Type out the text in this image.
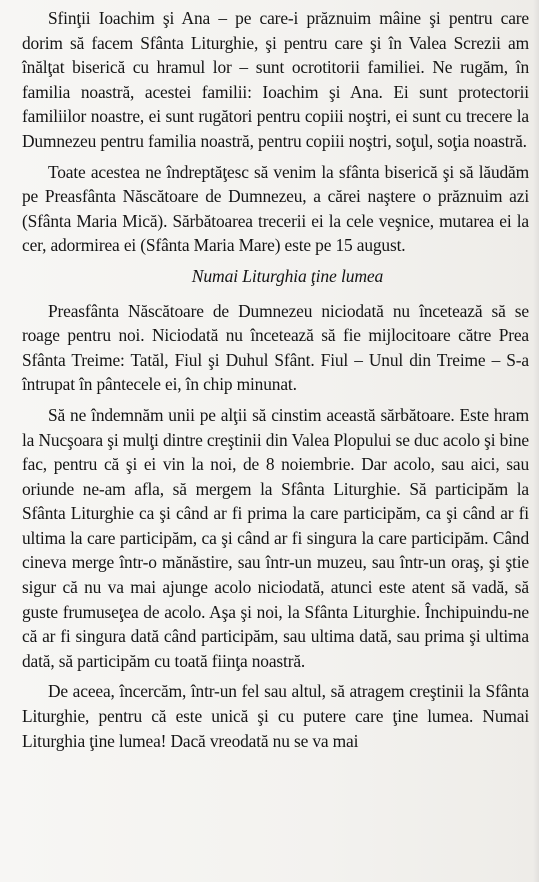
Sfinţii Ioachim şi Ana – pe care-i prăznuim mâine şi pentru care dorim să facem Sfânta Liturghie, şi pentru care şi în Valea Screzii am înălţat biserică cu hramul lor – sunt ocrotitorii familiei. Ne rugăm, în familia noastră, acestei familii: Ioachim şi Ana. Ei sunt protectorii familiilor noastre, ei sunt rugători pentru copiii noştri, ei sunt cu trecere la Dumnezeu pentru familia noastră, pentru copiii noştri, soţul, soţia noastră.

Toate acestea ne îndreptăţesc să venim la sfânta biserică şi să lăudăm pe Preasfânta Născătoare de Dumnezeu, a cărei naştere o prăznuim azi (Sfânta Maria Mică). Sărbătoarea trecerii ei la cele veşnice, mutarea ei la cer, adormirea ei (Sfânta Maria Mare) este pe 15 august.

Numai Liturghia ţine lumea

Preasfânta Născătoare de Dumnezeu niciodată nu încetează să se roage pentru noi. Niciodată nu încetează să fie mijlocitoare către Prea Sfânta Treime: Tatăl, Fiul şi Duhul Sfânt. Fiul – Unul din Treime – S-a întrupat în pântecele ei, în chip minunat.

Să ne îndemnăm unii pe alţii să cinstim această sărbătoare. Este hram la Nucşoara şi mulţi dintre creştinii din Valea Plopului se duc acolo şi bine fac, pentru că şi ei vin la noi, de 8 noiembrie. Dar acolo, sau aici, sau oriunde ne-am afla, să mergem la Sfânta Liturghie. Să participăm la Sfânta Liturghie ca şi când ar fi prima la care participăm, ca şi când ar fi ultima la care participăm, ca şi când ar fi singura la care participăm. Când cineva merge într-o mănăstire, sau într-un muzeu, sau într-un oraş, şi ştie sigur că nu va mai ajunge acolo niciodată, atunci este atent să vadă, să guste frumuseţea de acolo. Aşa şi noi, la Sfânta Liturghie. Închipuindu-ne că ar fi singura dată când participăm, sau ultima dată, sau prima şi ultima dată, să participăm cu toată fiinţa noastră.

De aceea, încercăm, într-un fel sau altul, să atragem creştinii la Sfânta Liturghie, pentru că este unică şi cu putere care ţine lumea. Numai Liturghia ţine lumea! Dacă vreodată nu se va mai
